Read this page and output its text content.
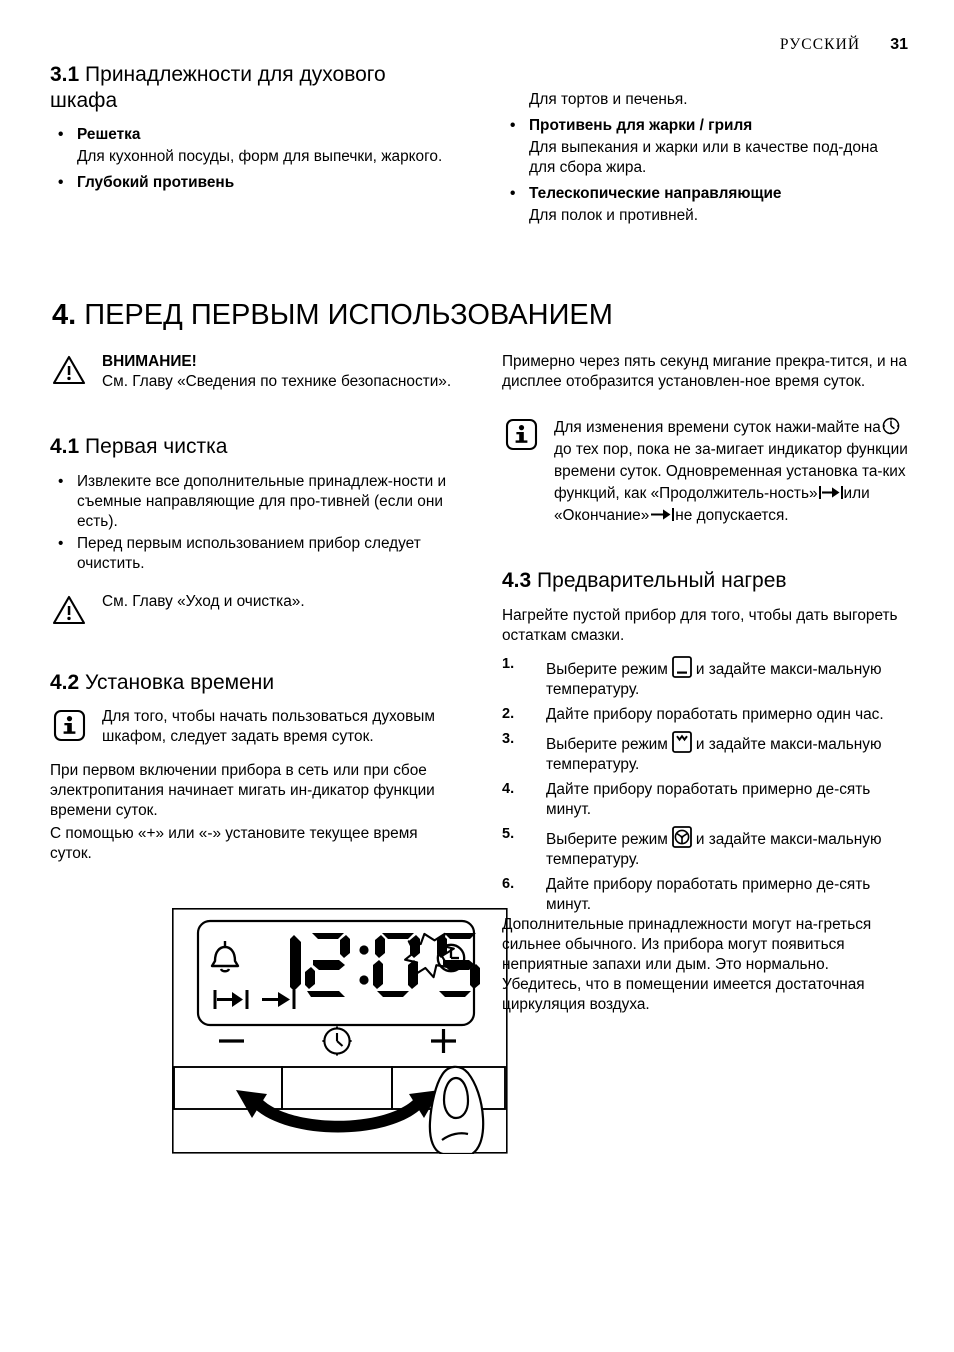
РУССКИЙ 31
3.1 Принадлежности для духового шкафа
• Решетка
Для кухонной посуды, форм для выпечки, жаркого.
• Глубокий противень
Для тортов и печенья.
• Противень для жарки / гриля
Для выпекания и жарки или в качестве под-дона для сбора жира.
• Телескопические направляющие
Для полок и противней.
4. ПЕРЕД ПЕРВЫМ ИСПОЛЬЗОВАНИЕМ
ВНИМАНИЕ!
См. Главу «Сведения по технике безопасности».
4.1 Первая чистка
• Извлеките все дополнительные принадлеж-ности и съемные направляющие для про-тивней (если они есть).
• Перед первым использованием прибор следует очистить.
См. Главу «Уход и очистка».
4.2 Установка времени
Для того, чтобы начать пользоваться духовым шкафом, следует задать время суток.

При первом включении прибора в сеть или при сбое электропитания начинает мигать ин-дикатор функции времени суток.

С помощью «+» или «-» установите текущее время суток.

Примерно через пять секунд мигание прекра-тится, и на дисплее отобразится установлен-ное время суток.

Для изменения времени суток нажи-майте на
до тех пор, пока не за-мигает индикатор функции времени суток. Одновременная установка та-ких функций, как «Продолжитель-ность» или «Окончание» не допускается.
4.3 Предварительный нагрев

Нагрейте пустой прибор для того, чтобы дать выгореть остаткам смазки.

1. Выберите режим и задайте макси-мальную температуру.
2. Дайте прибору поработать примерно один час.
3. Выберите режим и задайте макси-мальную температуру.
4. Дайте прибору поработать примерно де-сять минут.
5. Выберите режим и задайте макси-мальную температуру.
6. Дайте прибору поработать примерно де-сять минут.

Дополнительные принадлежности могут на-греться сильнее обычного. Из прибора могут появиться неприятные запахи или дым. Это нормально. Убедитесь, что в помещении имеется достаточная циркуляция воздуха.
